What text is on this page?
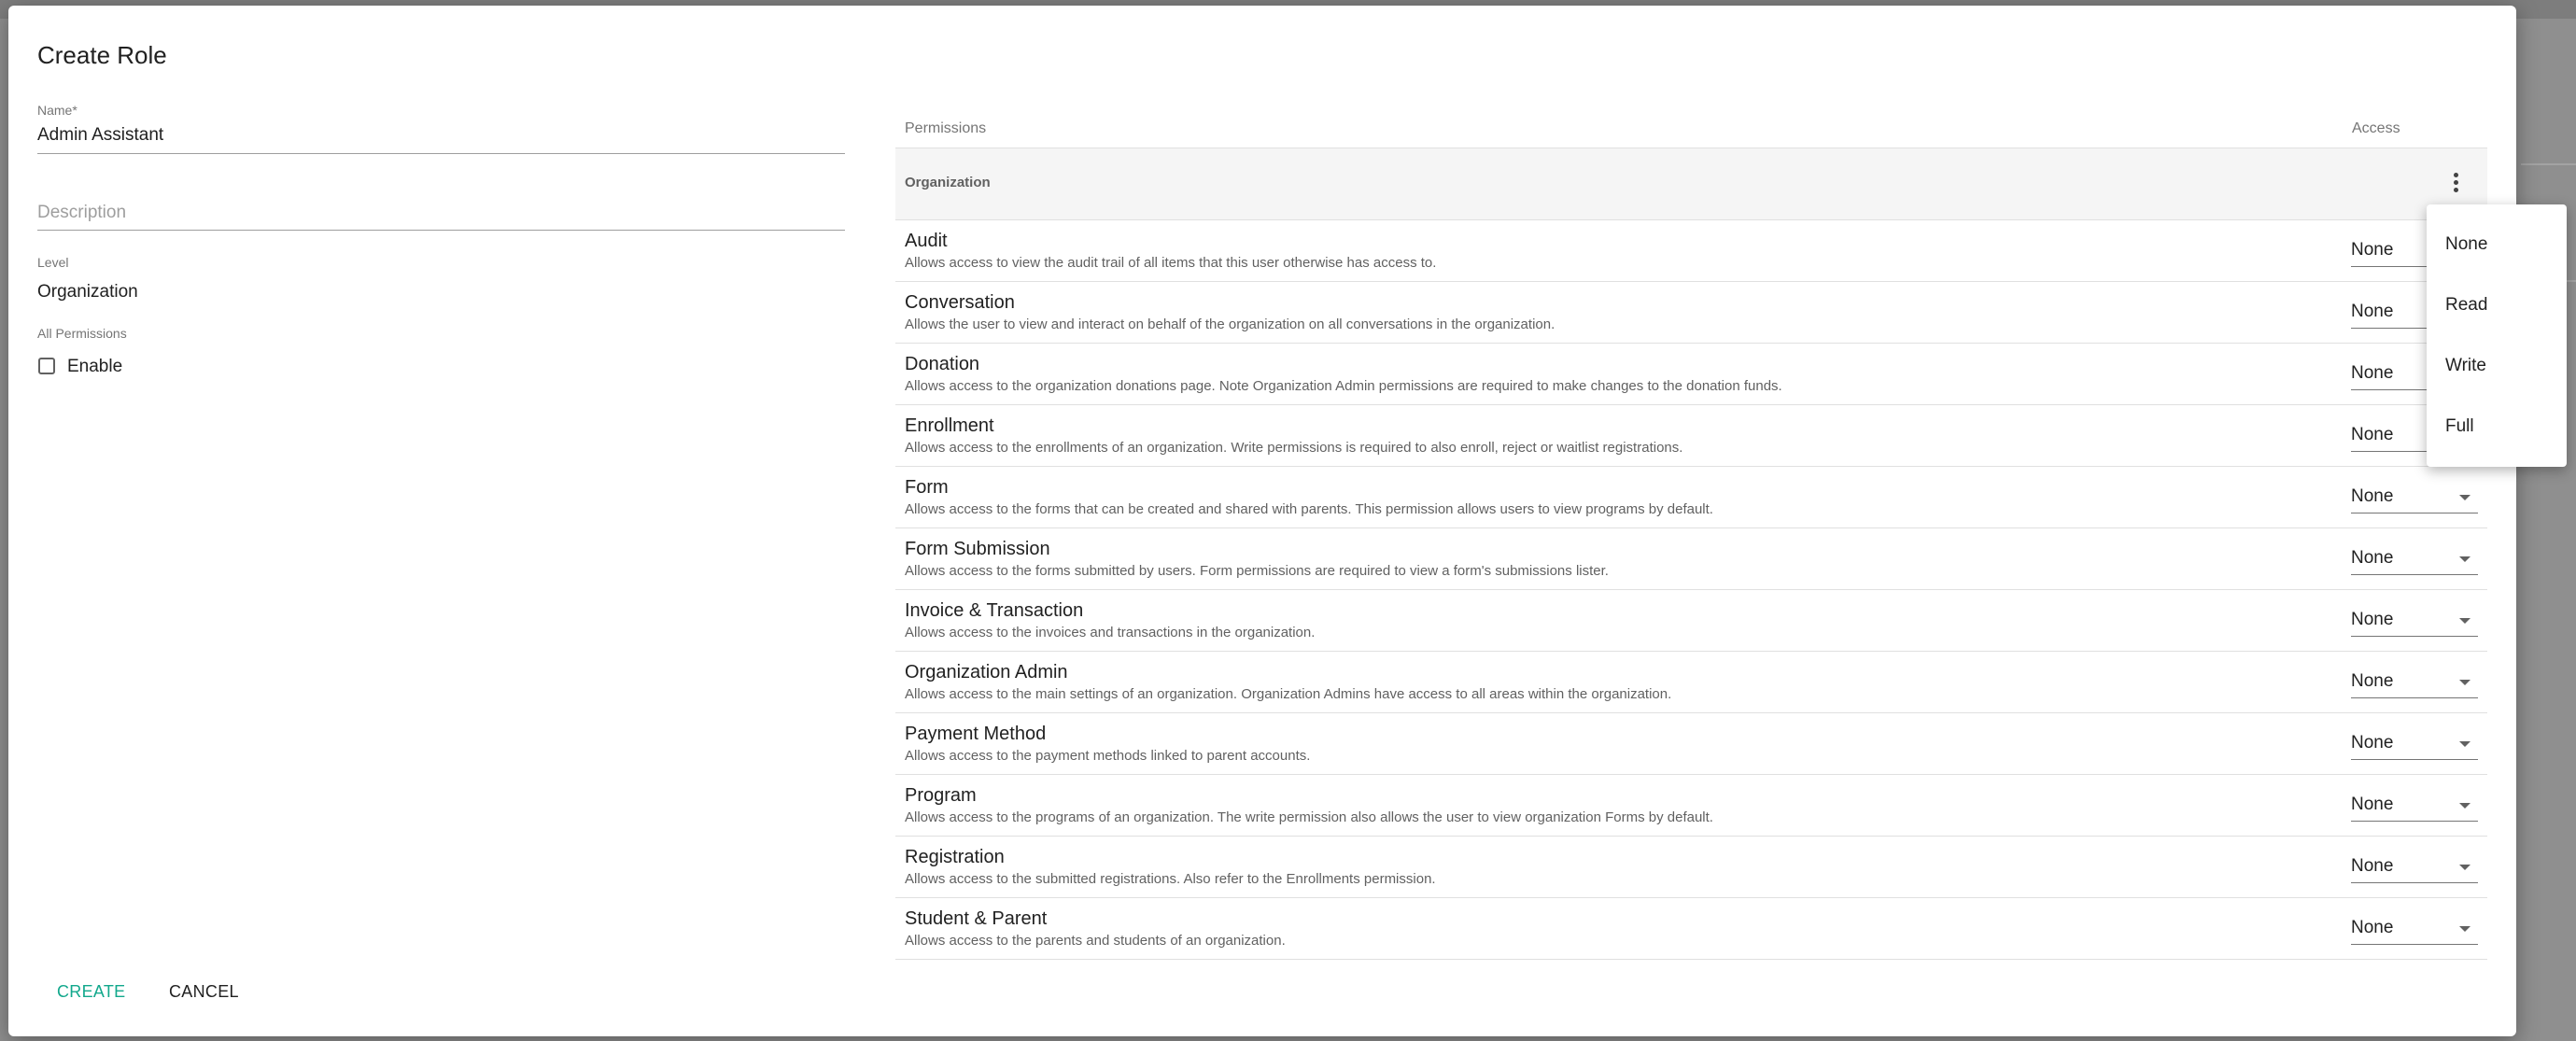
Create Role
Name*
Admin Assistant
Description
Level
Organization
All Permissions
Enable
CREATE	CANCEL
Permissions	Access
Organization
Audit
Allows access to view the audit trail of all items that this user otherwise has access to.
None
Conversation
Allows the user to view and interact on behalf of the organization on all conversations in the organization.
None
Donation
Allows access to the organization donations page. Note Organization Admin permissions are required to make changes to the donation funds.
None
Enrollment
Allows access to the enrollments of an organization. Write permissions is required to also enroll, reject or waitlist registrations.
None
Form
Allows access to the forms that can be created and shared with parents. This permission allows users to view programs by default.
None
Form Submission
Allows access to the forms submitted by users. Form permissions are required to view a form's submissions lister.
None
Invoice & Transaction
Allows access to the invoices and transactions in the organization.
None
Organization Admin
Allows access to the main settings of an organization. Organization Admins have access to all areas within the organization.
None
Payment Method
Allows access to the payment methods linked to parent accounts.
None
Program
Allows access to the programs of an organization. The write permission also allows the user to view organization Forms by default.
None
Registration
Allows access to the submitted registrations. Also refer to the Enrollments permission.
None
Student & Parent
Allows access to the parents and students of an organization.
None
None
Read
Write
Full
